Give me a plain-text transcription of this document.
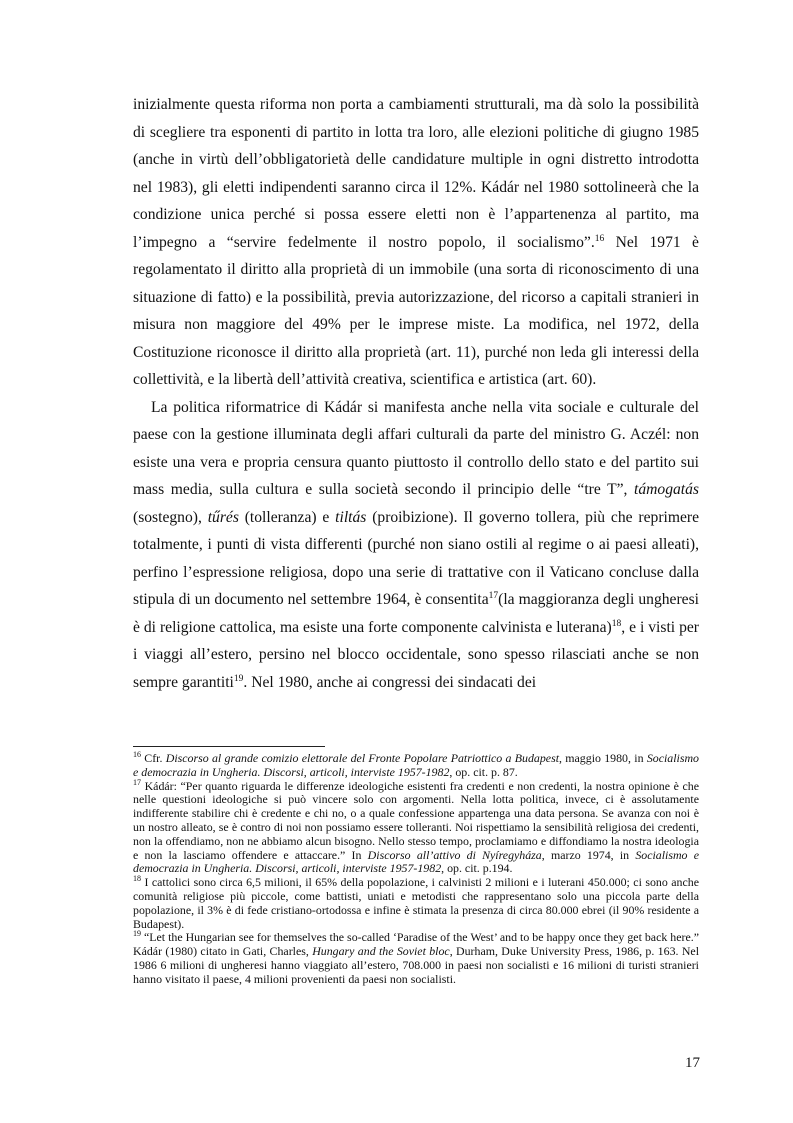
inizialmente questa riforma non porta a cambiamenti strutturali, ma dà solo la possibilità di scegliere tra esponenti di partito in lotta tra loro, alle elezioni politiche di giugno 1985 (anche in virtù dell’obbligatorietà delle candidature multiple in ogni distretto introdotta nel 1983), gli eletti indipendenti saranno circa il 12%. Kádár nel 1980 sottolineerà che la condizione unica perché si possa essere eletti non è l’appartenenza al partito, ma l’impegno a “servire fedelmente il nostro popolo, il socialismo”.$^{16}$ Nel 1971 è regolamentato il diritto alla proprietà di un immobile (una sorta di riconoscimento di una situazione di fatto) e la possibilità, previa autorizzazione, del ricorso a capitali stranieri in misura non maggiore del 49% per le imprese miste. La modifica, nel 1972, della Costituzione riconosce il diritto alla proprietà (art. 11), purché non leda gli interessi della collettività, e la libertà dell’attività creativa, scientifica e artistica (art. 60).

La politica riformatrice di Kádár si manifesta anche nella vita sociale e culturale del paese con la gestione illuminata degli affari culturali da parte del ministro G. Aczél: non esiste una vera e propria censura quanto piuttosto il controllo dello stato e del partito sui mass media, sulla cultura e sulla società secondo il principio delle “tre T”, támogatás (sostegno), tűrés (tolleranza) e tiltás (proibizione). Il governo tollera, più che reprimere totalmente, i punti di vista differenti (purché non siano ostili al regime o ai paesi alleati), perfino l’espressione religiosa, dopo una serie di trattative con il Vaticano concluse dalla stipula di un documento nel settembre 1964, è consentita$^{17}$(la maggioranza degli ungheresi è di religione cattolica, ma esiste una forte componente calvinista e luterana)$^{18}$, e i visti per i viaggi all’estero, persino nel blocco occidentale, sono spesso rilasciati anche se non sempre garantiti$^{19}$. Nel 1980, anche ai congressi dei sindacati dei

$^{16}$ Cfr. Discorso al grande comizio elettorale del Fronte Popolare Patriottico a Budapest, maggio 1980, in Socialismo e democrazia in Ungheria. Discorsi, articoli, interviste 1957-1982, op. cit. p. 87.

$^{17}$ Kádár: “Per quanto riguarda le differenze ideologiche esistenti fra credenti e non credenti, la nostra opinione è che nelle questioni ideologiche si può vincere solo con argomenti. Nella lotta politica, invece, ci è assolutamente indifferente stabilire chi è credente e chi no, o a quale confessione appartenga una data persona. Se avanza con noi è un nostro alleato, se è contro di noi non possiamo essere tolleranti. Noi rispettiamo la sensibilità religiosa dei credenti, non la offendiamo, non ne abbiamo alcun bisogno. Nello stesso tempo, proclamiamo e diffondiamo la nostra ideologia e non la lasciamo offendere e attaccare.” In Discorso all’attivo di Nyíregyháza, marzo 1974, in Socialismo e democrazia in Ungheria. Discorsi, articoli, interviste 1957-1982, op. cit. p.194.

$^{18}$ I cattolici sono circa 6,5 milioni, il 65% della popolazione, i calvinisti 2 milioni e i luterani 450.000; ci sono anche comunità religiose più piccole, come battisti, uniati e metodisti che rappresentano solo una piccola parte della popolazione, il 3% è di fede cristiano-ortodossa e infine è stimata la presenza di circa 80.000 ebrei (il 90% residente a Budapest).

$^{19}$ “Let the Hungarian see for themselves the so-called ‘Paradise of the West’ and to be happy once they get back here.” Kádár (1980) citato in Gati, Charles, Hungary and the Soviet bloc, Durham, Duke University Press, 1986, p. 163. Nel 1986 6 milioni di ungheresi hanno viaggiato all’estero, 708.000 in paesi non socialisti e 16 milioni di turisti stranieri hanno visitato il paese, 4 milioni provenienti da paesi non socialisti.

17
